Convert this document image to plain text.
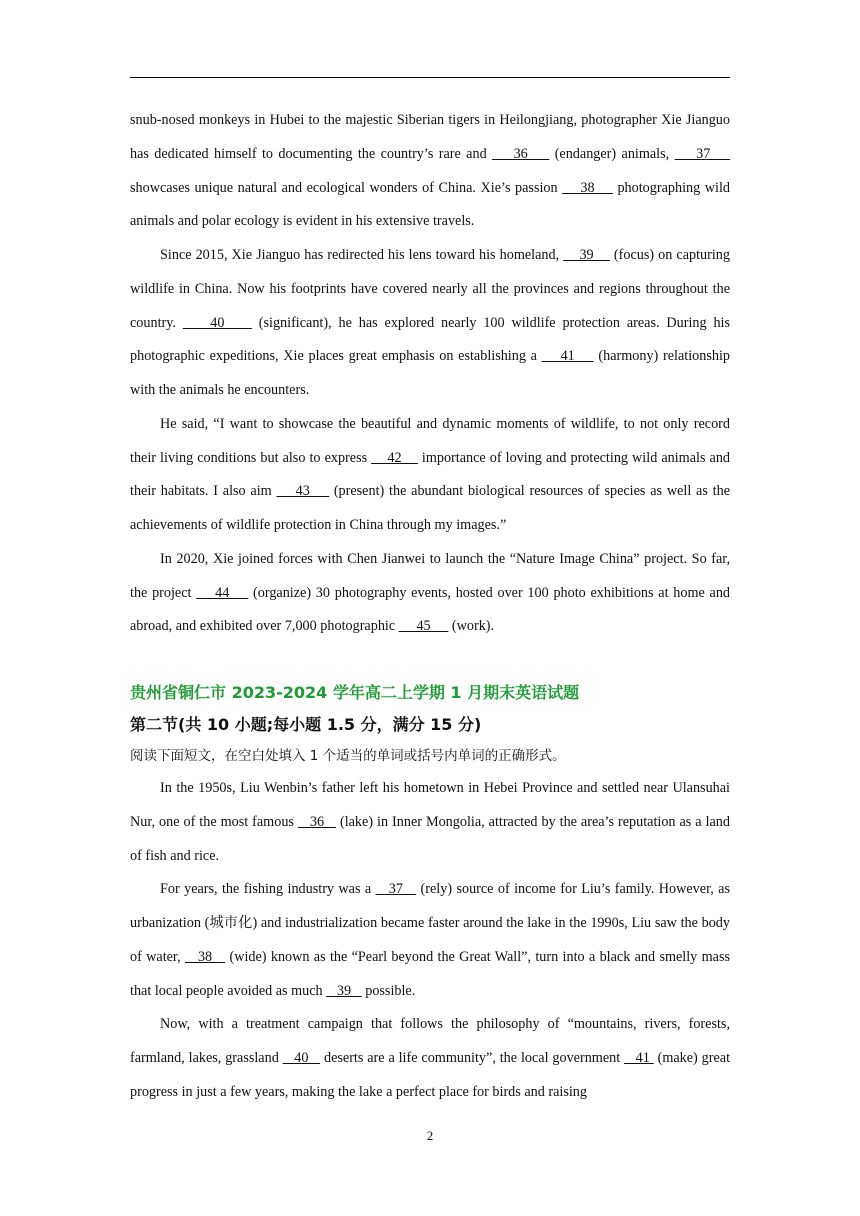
snub-nosed monkeys in Hubei to the majestic Siberian tigers in Heilongjiang, photographer Xie Jianguo has dedicated himself to documenting the country’s rare and     36     (endanger) animals,     37     showcases unique natural and ecological wonders of China. Xie’s passion     38     photographing wild animals and polar ecology is evident in his extensive travels.

Since 2015, Xie Jianguo has redirected his lens toward his homeland,     39     (focus) on capturing wildlife in China. Now his footprints have covered nearly all the provinces and regions throughout the country.     40     (significant), he has explored nearly 100 wildlife protection areas. During his photographic expeditions, Xie places great emphasis on establishing a     41     (harmony) relationship with the animals he encounters.

He said, “I want to showcase the beautiful and dynamic moments of wildlife, to not only record their living conditions but also to express     42     importance of loving and protecting wild animals and their habitats. I also aim     43     (present) the abundant biological resources of species as well as the achievements of wildlife protection in China through my images.”

In 2020, Xie joined forces with Chen Jianwei to launch the “Nature Image China” project. So far, the project     44     (organize) 30 photography events, hosted over 100 photo exhibitions at home and abroad, and exhibited over 7,000 photographic      45      (work).

贵州省铜仁市 2023-2024 学年高二上学期 1 月期末英语试题
第二节(共 10 小题;每小题 1.5 分，满分 15 分)

阅读下面短文，在空白处填入 1 个适当的单词或括号内单词的正确形式。

In the 1950s, Liu Wenbin’s father left his hometown in Hebei Province and settled near Ulansuhai Nur, one of the most famous    36    (lake) in Inner Mongolia, attracted by the area’s reputation as a land of fish and rice.

For years, the fishing industry was a    37    (rely) source of income for Liu’s family. However, as urbanization (城市化) and industrialization became faster around the lake in the 1990s, Liu saw the body of water,    38    (wide) known as the “Pearl beyond the Great Wall”, turn into a black and smelly mass that local people avoided as much    39    possible.

Now, with a treatment campaign that follows the philosophy of “mountains, rivers, forests, farmland, lakes, grassland    40    deserts are a life community”, the local government    41  (make) great progress in just a few years, making the lake a perfect place for birds and raising

2
